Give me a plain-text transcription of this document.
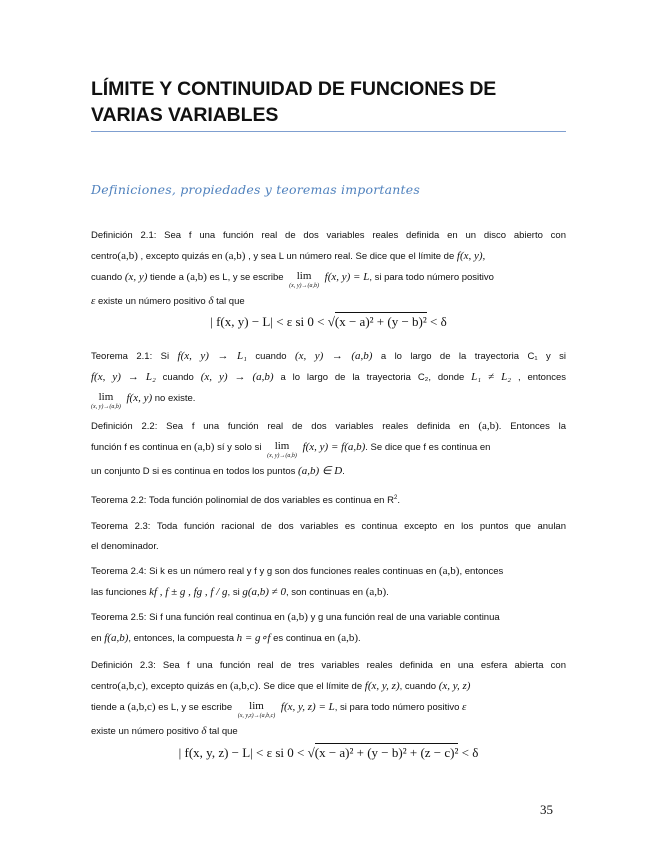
LÍMITE Y CONTINUIDAD DE FUNCIONES DE VARIAS VARIABLES
Definiciones, propiedades y teoremas importantes
Definición 2.1: Sea f una función real de dos variables reales definida en un disco abierto con
centro(a,b) , excepto quizás en (a,b) , y sea L un número real. Se dice que el límite de f(x, y),
cuando (x, y) tiende a (a,b) es L, y se escribe	lim
(x, y)→(a,b)
f(x, y) = L, si para todo número positivo
ε existe un número positivo δ tal que
| f(x, y) − L| < ε si 0 < √(x − a)² + (y − b)² < δ
Teorema 2.1: Si f(x, y) → L₁ cuando (x, y) → (a,b) a lo largo de la trayectoria C₁ y si
f(x, y) → L₂ cuando (x, y) → (a,b) a lo largo de la trayectoria C₂, donde L₁ ≠ L₂ , entonces
lim
(x, y)→(a,b)
f(x, y) no existe.
Definición 2.2: Sea f una función real de dos variables reales definida en (a,b). Entonces la
función f es continua en (a,b) sí y solo si	lim
(x, y)→(a,b)
f(x, y) = f(a,b). Se dice que f es continua en
un conjunto D si es continua en todos los puntos (a,b) ∈ D.
Teorema 2.2: Toda función polinomial de dos variables es continua en $R^2$.
Teorema 2.3: Toda función racional de dos variables es continua excepto en los puntos que anulan
el denominador.
Teorema 2.4: Si k es un número real y f y g son dos funciones reales continuas en (a,b), entonces
las funciones kf , f ± g , fg , f / g, si g(a,b) ≠ 0, son continuas en (a,b).
Teorema 2.5: Si f una función real continua en (a,b) y g una función real de una variable continua
en f(a,b), entonces, la compuesta h = g∘f es continua en (a,b).
Definición 2.3: Sea f una función real de tres variables reales definida en una esfera abierta con
centro(a,b,c), excepto quizás en (a,b,c). Se dice que el límite de f(x, y, z), cuando (x, y, z)
tiende a (a,b,c) es L, y se escribe	lim
(x, y,z)→(a,b,c)
f(x, y, z) = L, si para todo número positivo ε
existe un número positivo δ tal que
| f(x, y, z) − L| < ε si 0 < √(x − a)² + (y − b)² + (z − c)² < δ
35
